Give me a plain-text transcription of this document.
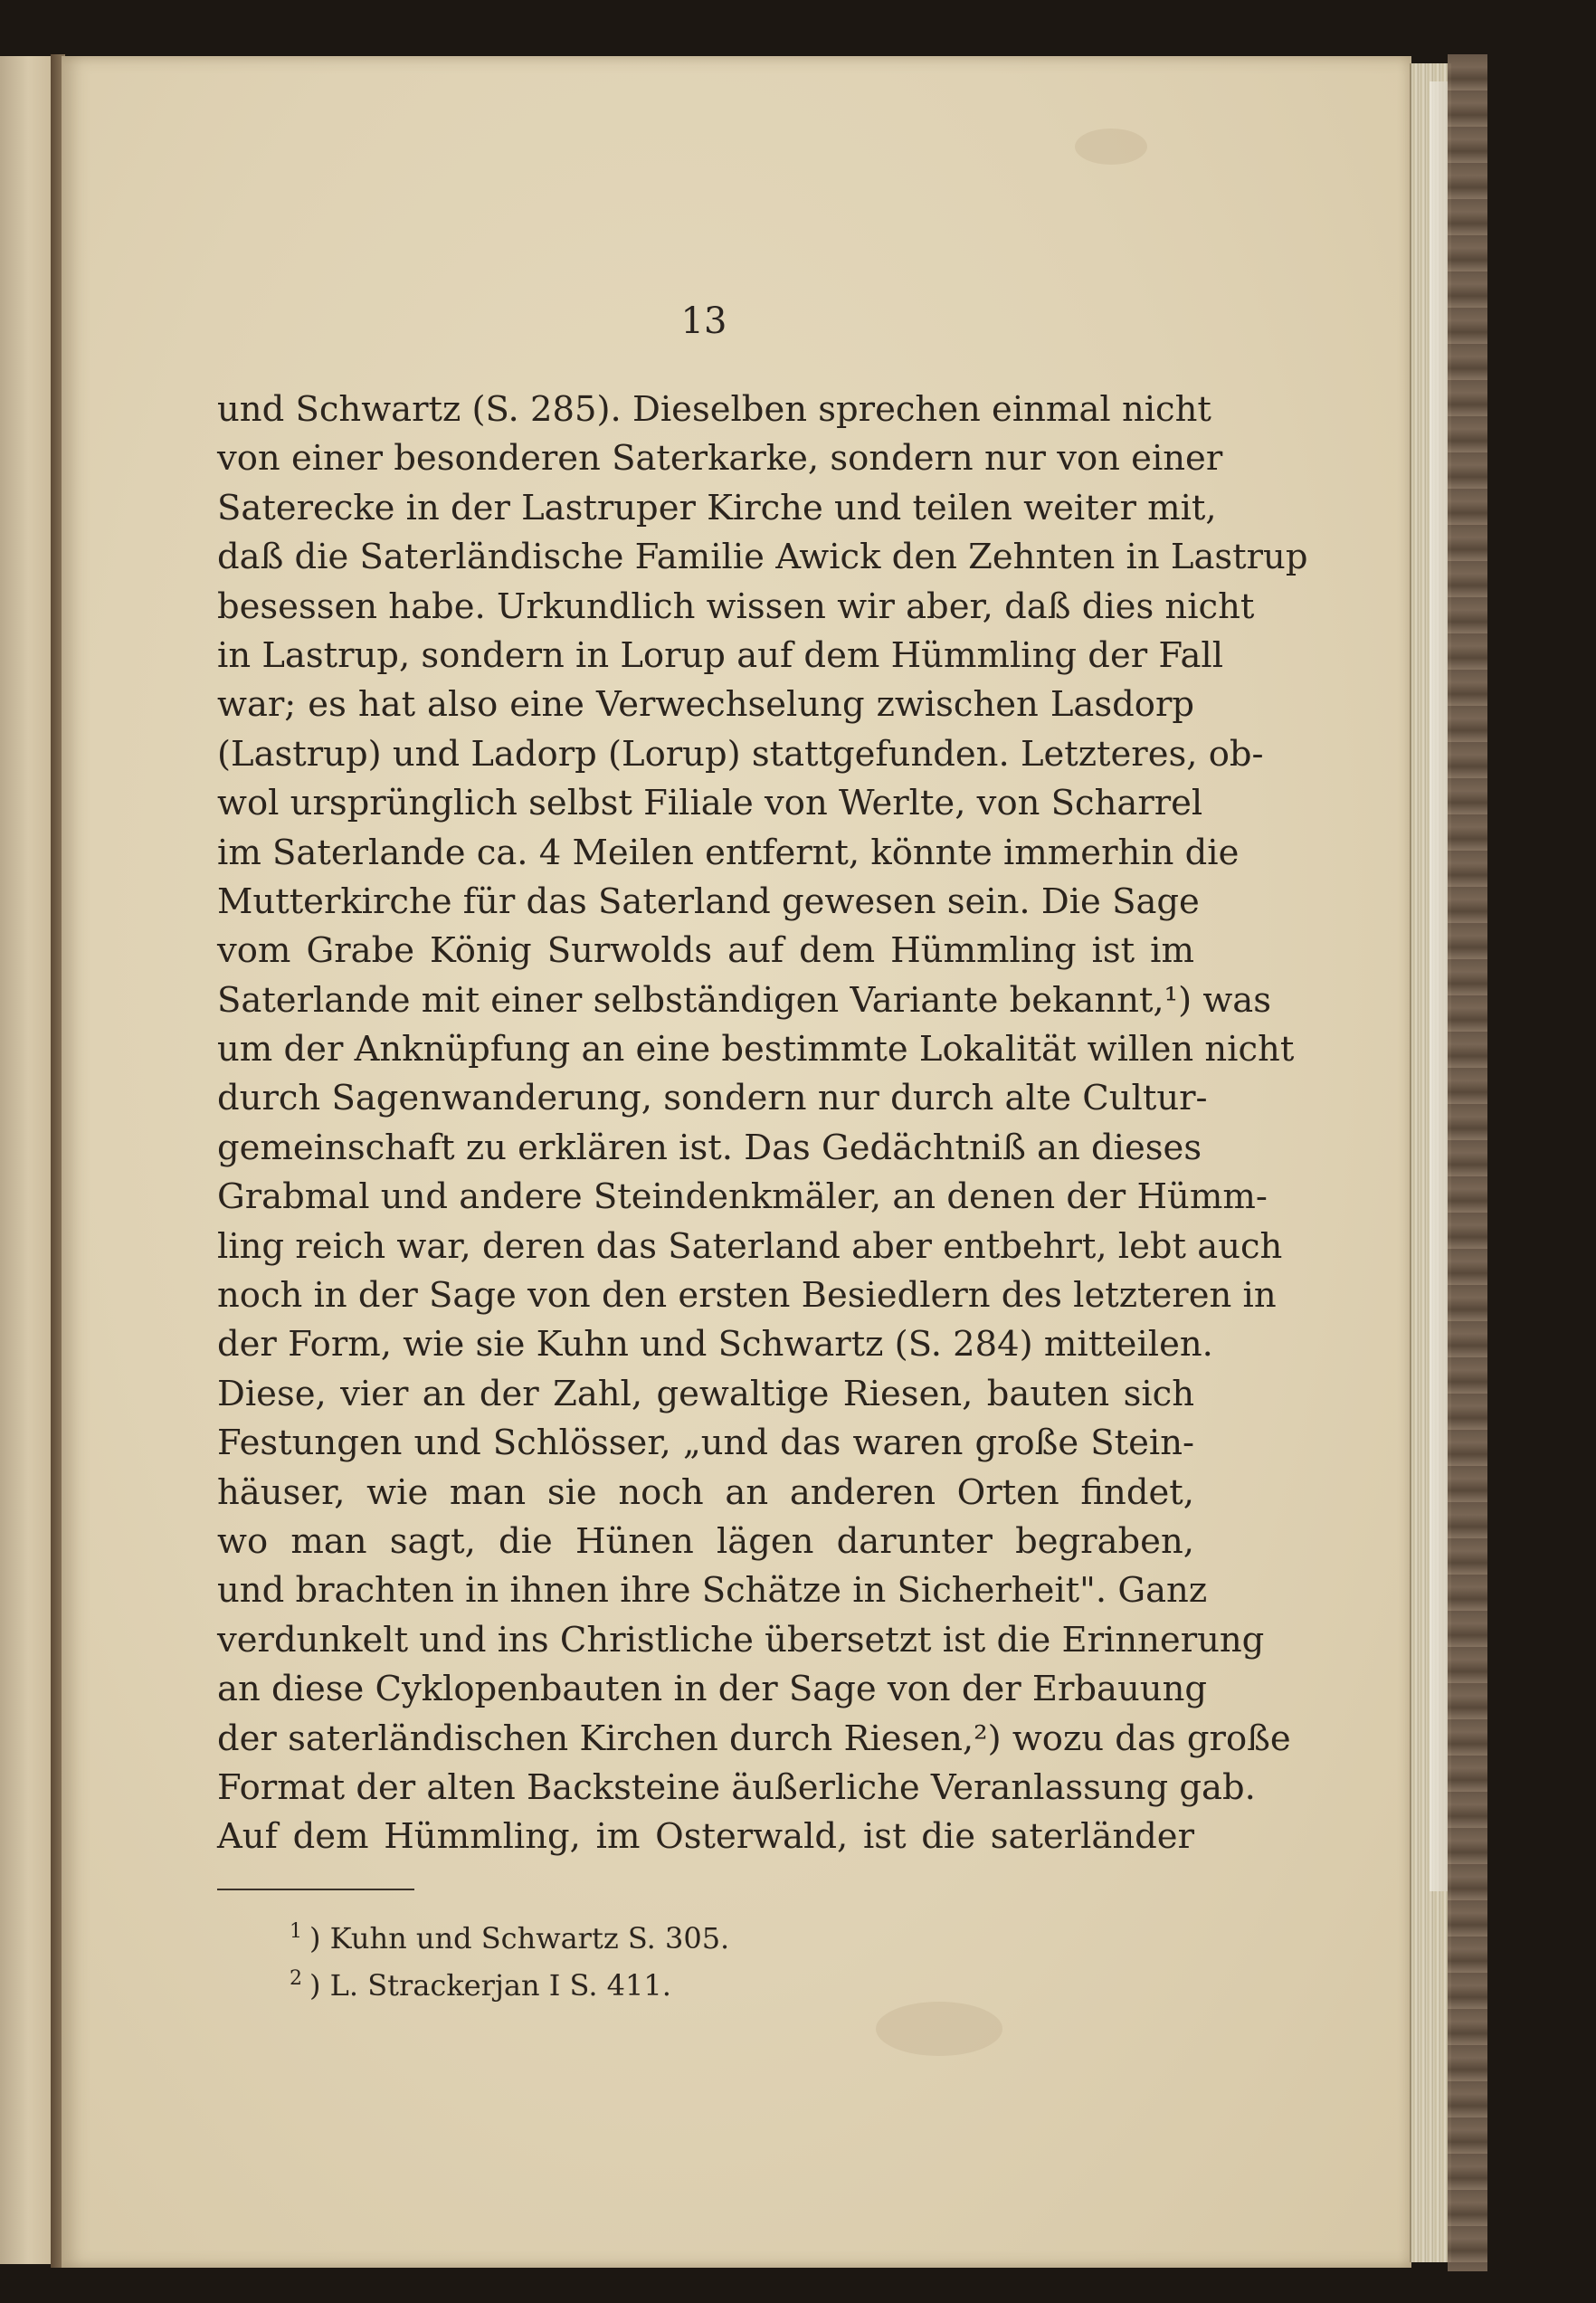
13
und Schwartz (S. 285). Dieselben sprechen einmal nicht
von einer besonderen Saterkarke, sondern nur von einer
Saterecke in der Lastruper Kirche und teilen weiter mit,
daß die Saterländische Familie Awick den Zehnten in Lastrup
besessen habe. Urkundlich wissen wir aber, daß dies nicht
in Lastrup, sondern in Lorup auf dem Hümmling der Fall
war; es hat also eine Verwechselung zwischen Lasdorp
(Lastrup) und Ladorp (Lorup) stattgefunden. Letzteres, ob-
wol ursprünglich selbst Filiale von Werlte, von Scharrel
im Saterlande ca. 4 Meilen entfernt, könnte immerhin die
Mutterkirche für das Saterland gewesen sein. Die Sage
vom Grabe König Surwolds auf dem Hümmling ist im
Saterlande mit einer selbständigen Variante bekannt,¹) was
um der Anknüpfung an eine bestimmte Lokalität willen nicht
durch Sagenwanderung, sondern nur durch alte Cultur-
gemeinschaft zu erklären ist. Das Gedächtniß an dieses
Grabmal und andere Steindenkmäler, an denen der Hümm-
ling reich war, deren das Saterland aber entbehrt, lebt auch
noch in der Sage von den ersten Besiedlern des letzteren in
der Form, wie sie Kuhn und Schwartz (S. 284) mitteilen.
Diese, vier an der Zahl, gewaltige Riesen, bauten sich
Festungen und Schlösser, „und das waren große Stein-
häuser, wie man sie noch an anderen Orten findet,
wo man sagt, die Hünen lägen darunter begraben,
und brachten in ihnen ihre Schätze in Sicherheit". Ganz
verdunkelt und ins Christliche übersetzt ist die Erinnerung
an diese Cyklopenbauten in der Sage von der Erbauung
der saterländischen Kirchen durch Riesen,²) wozu das große
Format der alten Backsteine äußerliche Veranlassung gab.
Auf dem Hümmling, im Osterwald, ist die saterländer
1 ) Kuhn und Schwartz S. 305.
2 ) L. Strackerjan I S. 411.
